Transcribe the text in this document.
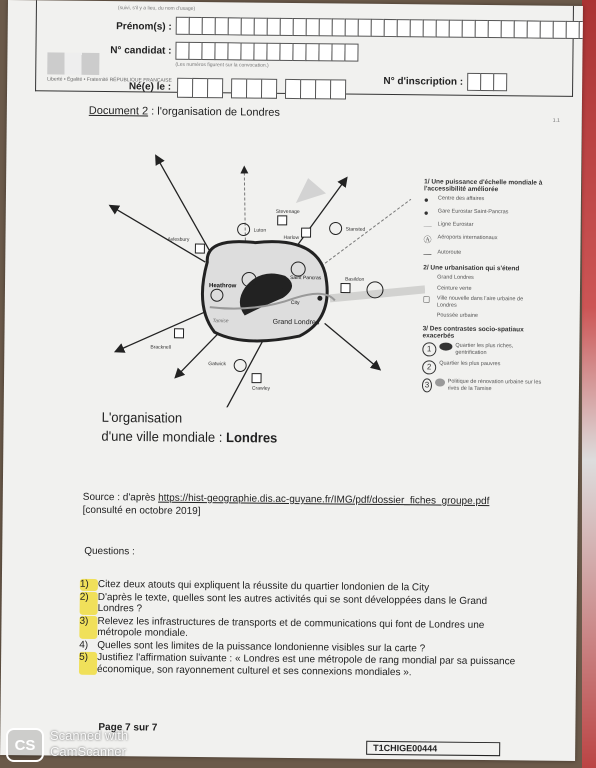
(suivi, s'il y a lieu, du nom d'usage)
Prénom(s) :
Liberté • Égalité • Fraternité RÉPUBLIQUE FRANÇAISE
N° candidat :
(Les numéros figurent sur la convocation.)
N° d'inscription :
Né(e) le :
Document 2 : l'organisation de Londres
1.1
Stevenage
Luton
Harlow
Stansted
Aylesbury
Heathrow
Saint Pancras
City
Basildon
Grand Londres
Tamise
Bracknell
Gatwick
Crawley
1/ Une puissance d'échelle mondiale à l'accessibilité améliorée
●	Centre des affaires
●	Gare Eurostar Saint-Pancras
—	Ligne Eurostar
Ⓐ	Aéroports internationaux
—	Autoroute
2/ Une urbanisation qui s'étend
Grand Londres
Ceinture verte
☐	Ville nouvelle dans l'aire urbaine de Londres
Poussée urbaine
3/ Des contrastes socio-spatiaux exacerbés
1	Quartier les plus riches, gentrification
2	Quartier les plus pauvres
3	Politique de rénovation urbaine sur les rives de la Tamise
L'organisation
d'une ville mondiale : Londres
Source : d'après https://hist-geographie.dis.ac-guyane.fr/IMG/pdf/dossier_fiches_groupe.pdf [consulté en octobre 2019]
Questions :
1) Citez deux atouts qui expliquent la réussite du quartier londonien de la City
2) D'après le texte, quelles sont les autres activités qui se sont développées dans le Grand Londres ?
3) Relevez les infrastructures de transports et de communications qui font de Londres une métropole mondiale.
4) Quelles sont les limites de la puissance londonienne visibles sur la carte ?
5) Justifiez l'affirmation suivante : « Londres est une métropole de rang mondial par sa puissance économique, son rayonnement culturel et ses connexions mondiales ».
Page 7 sur 7
T1CHIGE00444
CS
Scanned with
CamScanner
